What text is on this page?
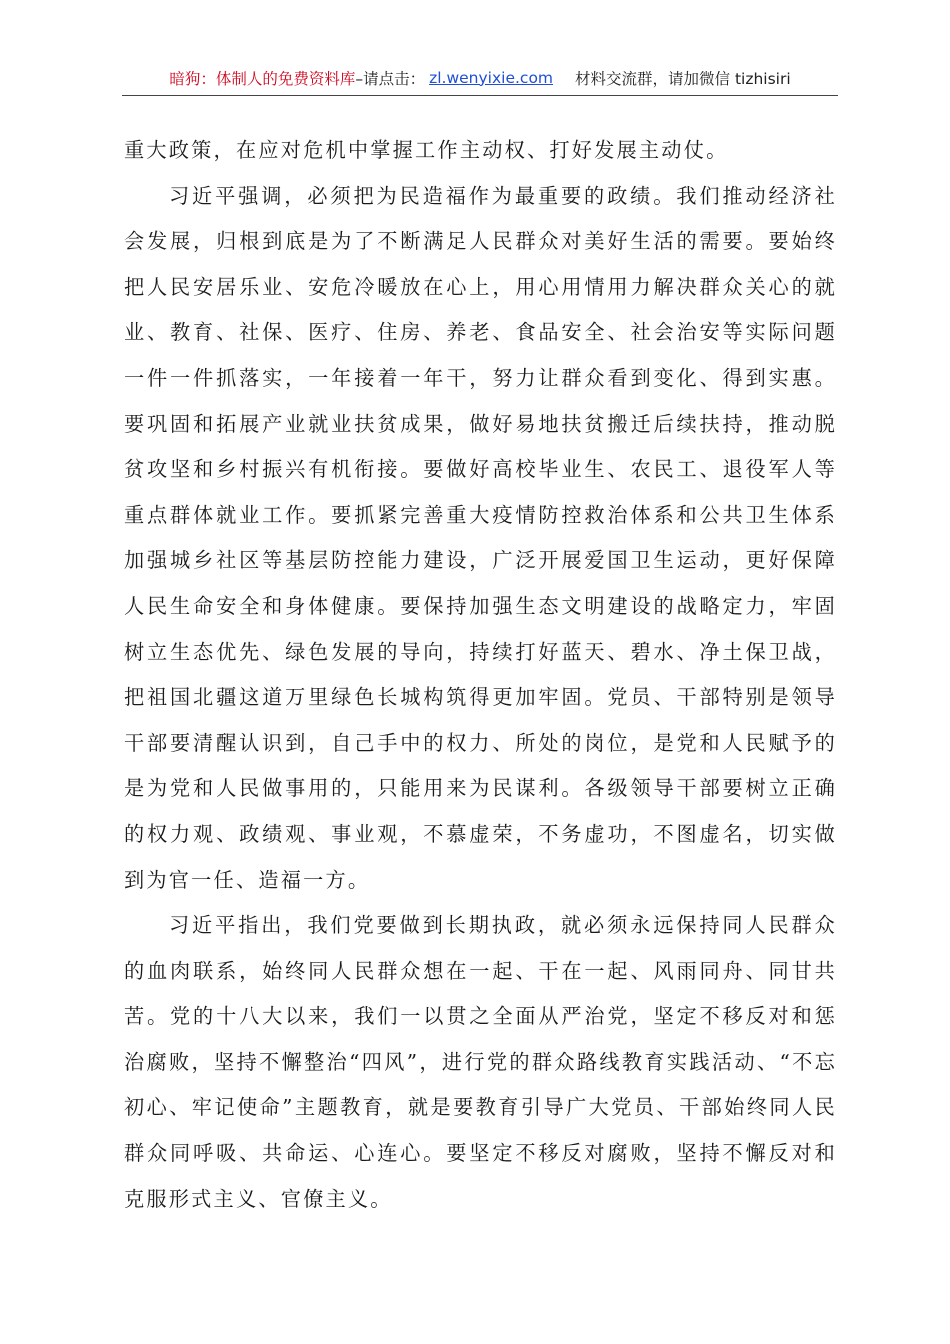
暗狗：体制人的免费资料库 –请点击： zl.wenyixie.com 材料交流群，请加微信 tizhisiri

重大政策，在应对危机中掌握工作主动权、打好发展主动仗。

习近平强调，必须把为民造福作为最重要的政绩。我们推动经济社会发展，归根到底是为了不断满足人民群众对美好生活的需要。要始终把人民安居乐业、安危冷暖放在心上，用心用情用力解决群众关心的就业、教育、社保、医疗、住房、养老、食品安全、社会治安等实际问题一件一件抓落实，一年接着一年干，努力让群众看到变化、得到实惠。要巩固和拓展产业就业扶贫成果，做好易地扶贫搬迁后续扶持，推动脱贫攻坚和乡村振兴有机衔接。要做好高校毕业生、农民工、退役军人等重点群体就业工作。要抓紧完善重大疫情防控救治体系和公共卫生体系加强城乡社区等基层防控能力建设，广泛开展爱国卫生运动，更好保障人民生命安全和身体健康。要保持加强生态文明建设的战略定力，牢固树立生态优先、绿色发展的导向，持续打好蓝天、碧水、净土保卫战，把祖国北疆这道万里绿色长城构筑得更加牢固。党员、干部特别是领导干部要清醒认识到，自己手中的权力、所处的岗位，是党和人民赋予的是为党和人民做事用的，只能用来为民谋利。各级领导干部要树立正确的权力观、政绩观、事业观，不慕虚荣，不务虚功，不图虚名，切实做到为官一任、造福一方。

习近平指出，我们党要做到长期执政，就必须永远保持同人民群众的血肉联系，始终同人民群众想在一起、干在一起、风雨同舟、同甘共苦。党的十八大以来，我们一以贯之全面从严治党，坚定不移反对和惩治腐败，坚持不懈整治“四风”，进行党的群众路线教育实践活动、“不忘初心、牢记使命”主题教育，就是要教育引导广大党员、干部始终同人民群众同呼吸、共命运、心连心。要坚定不移反对腐败，坚持不懈反对和克服形式主义、官僚主义。
